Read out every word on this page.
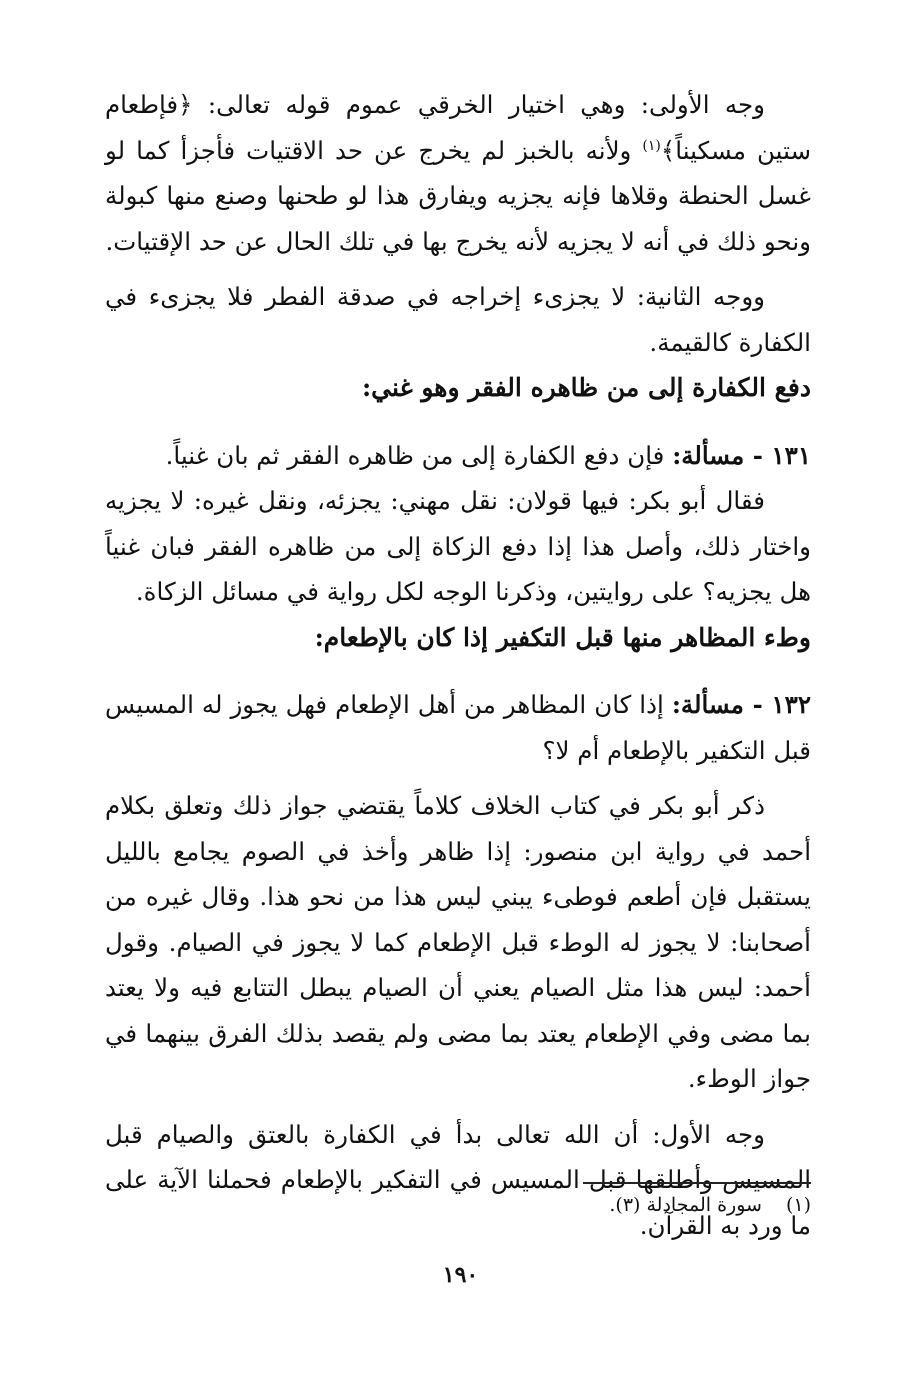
وجه الأولى: وهي اختيار الخرقي عموم قوله تعالى: ﴿فإطعام ستين مسكيناً﴾$^{(١)}$ ولأنه بالخبز لم يخرج عن حد الاقتيات فأجزأ كما لو غسل الحنطة وقلاها فإنه يجزيه ويفارق هذا لو طحنها وصنع منها كبولة ونحو ذلك في أنه لا يجزيه لأنه يخرج بها في تلك الحال عن حد الإقتيات.

ووجه الثانية: لا يجزىء إخراجه في صدقة الفطر فلا يجزىء في الكفارة كالقيمة.

دفع الكفارة إلى من ظاهره الفقر وهو غني:

١٣١ - مسألة: فإن دفع الكفارة إلى من ظاهره الفقر ثم بان غنياً.

فقال أبو بكر: فيها قولان: نقل مهني: يجزئه، ونقل غيره: لا يجزيه واختار ذلك، وأصل هذا إذا دفع الزكاة إلى من ظاهره الفقر فبان غنياً هل يجزيه؟ على روايتين، وذكرنا الوجه لكل رواية في مسائل الزكاة.

وطء المظاهر منها قبل التكفير إذا كان بالإطعام:

١٣٢ - مسألة: إذا كان المظاهر من أهل الإطعام فهل يجوز له المسيس قبل التكفير بالإطعام أم لا؟

ذكر أبو بكر في كتاب الخلاف كلاماً يقتضي جواز ذلك وتعلق بكلام أحمد في رواية ابن منصور: إذا ظاهر وأخذ في الصوم يجامع بالليل يستقبل فإن أطعم فوطىء يبني ليس هذا من نحو هذا. وقال غيره من أصحابنا: لا يجوز له الوطء قبل الإطعام كما لا يجوز في الصيام. وقول أحمد: ليس هذا مثل الصيام يعني أن الصيام يبطل التتابع فيه ولا يعتد بما مضى وفي الإطعام يعتد بما مضى ولم يقصد بذلك الفرق بينهما في جواز الوطء.

وجه الأول: أن الله تعالى بدأ في الكفارة بالعتق والصيام قبل المسيس وأطلقها قبل المسيس في التفكير بالإطعام فحملنا الآية على ما ورد به القرآن.

(١)سورة المجادلة (٣).
١٩٠
